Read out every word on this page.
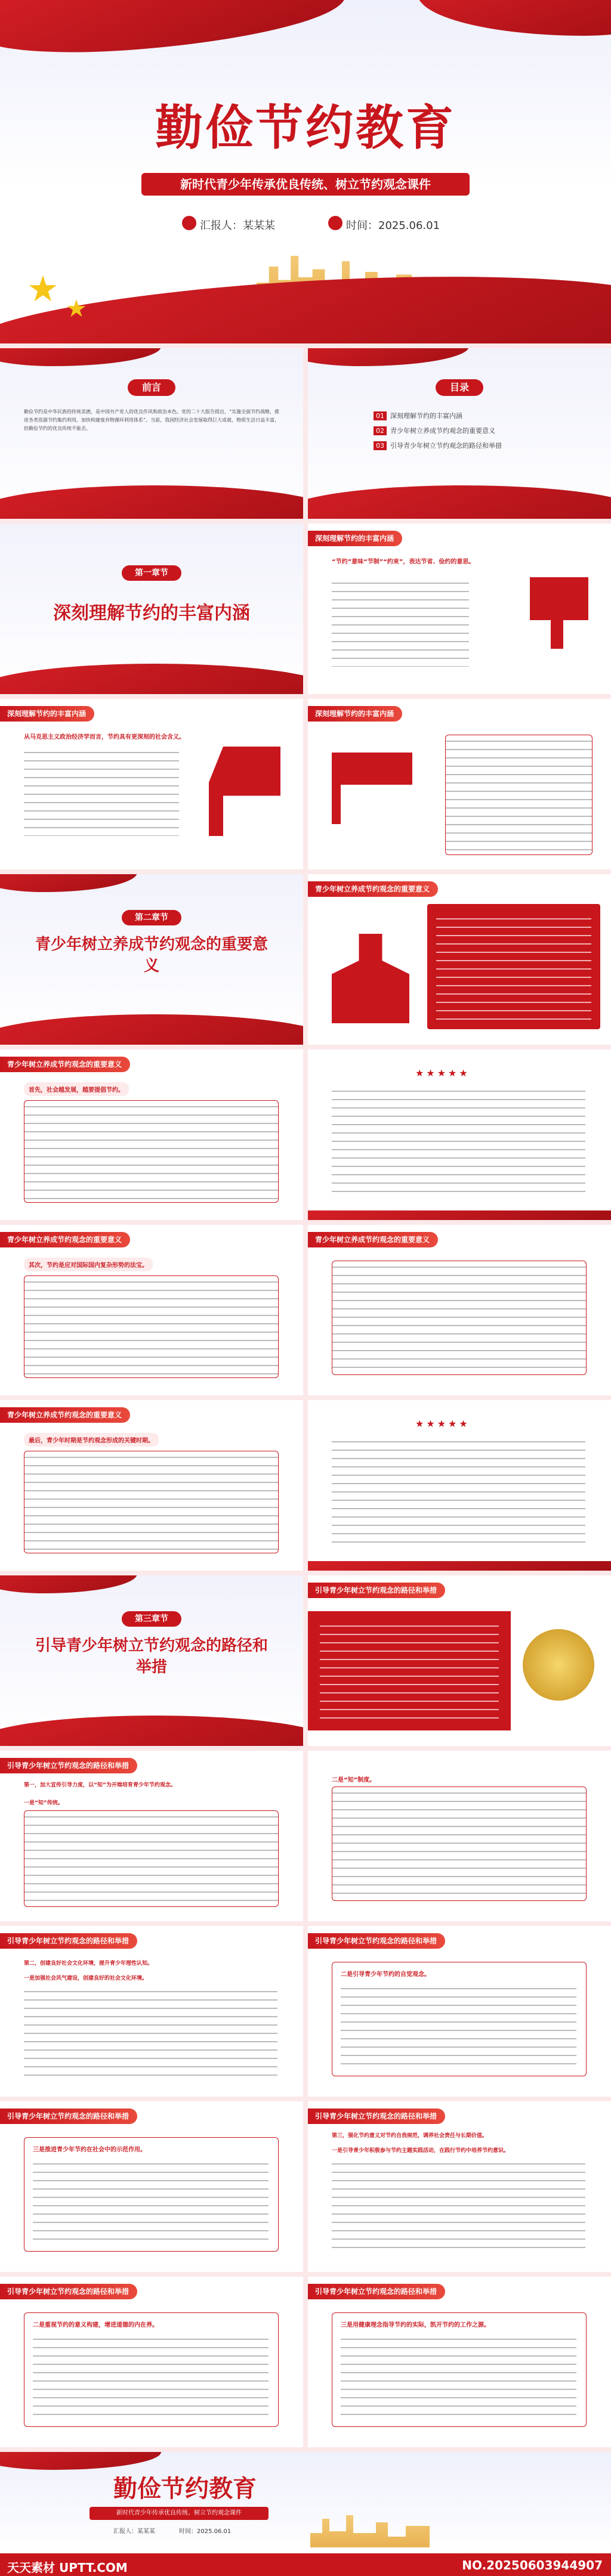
勤俭节约教育
新时代青少年传承优良传统、树立节约观念课件
汇报人：某某某	时间：2025.06.01
★ ★
前言
勤俭节约是中华民族的传统美德，是中国共产党人的优良作风和政治本色。党的二十大报告提出，“实施全面节约战略，推进各类资源节约集约利用，加快构建废弃物循环利用体系”。当前，我国经济社会发展取得巨大成就，物质生活日益丰富，但勤俭节约的优良传统不能丢。
目录
01 深刻理解节约的丰富内涵
02 青少年树立养成节约观念的重要意义
03 引导青少年树立节约观念的路径和举措
第一章节
深刻理解节约的丰富内涵
深刻理解节约的丰富内涵
“节约”意味“节制”“约束”，表达节省、俭约的意思。
深刻理解节约的丰富内涵
从马克思主义政治经济学而言，节约具有更深刻的社会含义。
深刻理解节约的丰富内涵
第二章节
青少年树立养成节约观念的重要意义
青少年树立养成节约观念的重要意义
青少年树立养成节约观念的重要意义
首先，社会越发展，越要提倡节约。
★★★★★
青少年树立养成节约观念的重要意义
其次，节约是应对国际国内复杂形势的法宝。
青少年树立养成节约观念的重要意义
青少年树立养成节约观念的重要意义
最后，青少年时期是节约观念形成的关键时期。
★★★★★
第三章节
引导青少年树立节约观念的路径和举措
引导青少年树立节约观念的路径和举措
引导青少年树立节约观念的路径和举措
第一，加大宣传引导力度，以“知”为开端培育青少年节约观念。
一是“知”传统。
二是“知”制度。
引导青少年树立节约观念的路径和举措
第二，创建良好社会文化环境，提升青少年理性认知。
一是加强社会风气建设，创建良好的社会文化环境。
引导青少年树立节约观念的路径和举措
二是引导青少年节约的自觉观念。
引导青少年树立节约观念的路径和举措
三是推进青少年节约在社会中的示范作用。
引导青少年树立节约观念的路径和举措
第三，强化节约意义对节约自我规范，调养社会责任与长期价值。
一是引导青少年积极参与节约主题实践活动，在践行节约中培养节约意识。
引导青少年树立节约观念的路径和举措
二是重视节约的意义构建，增进道德的内在养。
引导青少年树立节约观念的路径和举措
三是用健康理念指导节约的实际，凯开节约的工作之源。
勤俭节约教育
新时代青少年传承优良传统、树立节约观念课件
汇报人：某某某	时间：2025.06.01
天天素材 UPTT.COM	NO.20250603944907
